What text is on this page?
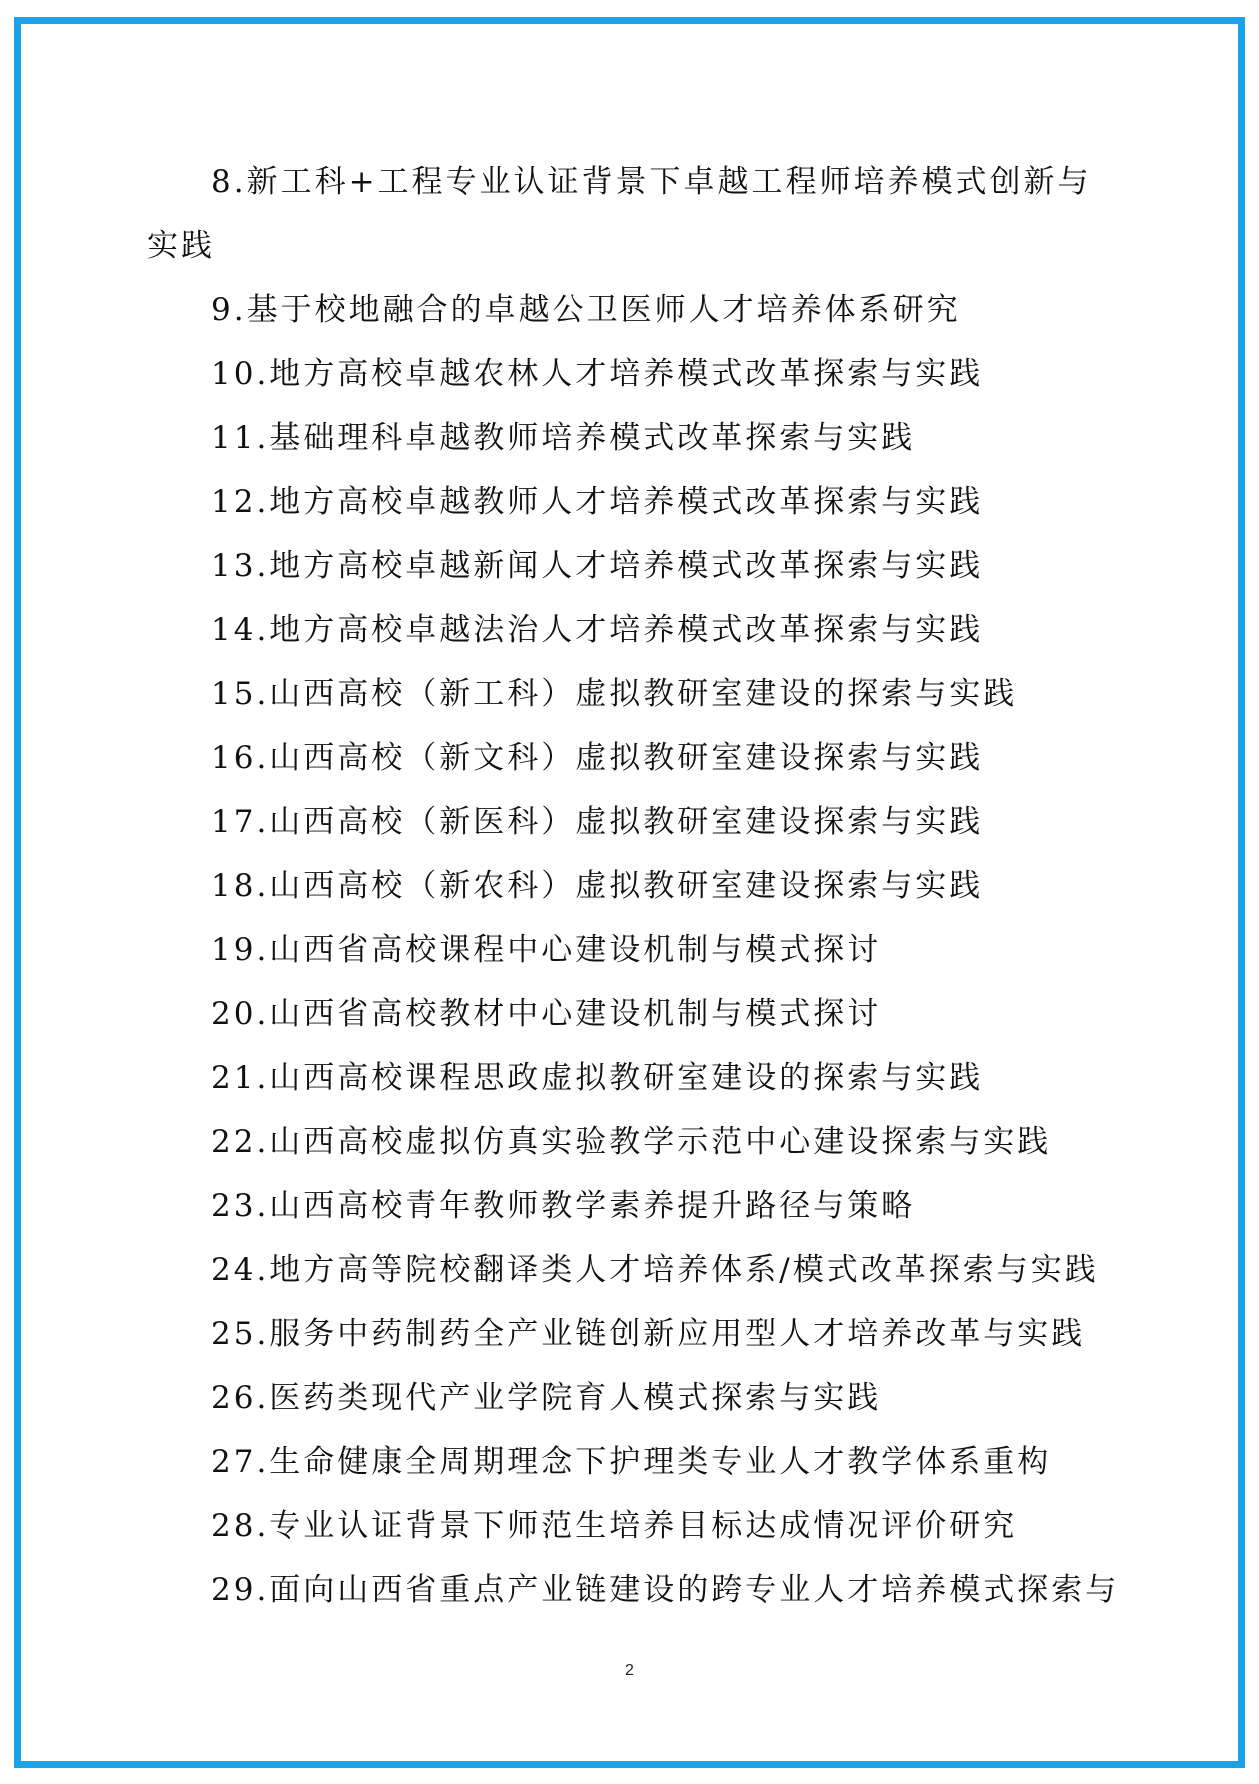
8.新工科+工程专业认证背景下卓越工程师培养模式创新与实践

9.基于校地融合的卓越公卫医师人才培养体系研究

10.地方高校卓越农林人才培养模式改革探索与实践

11.基础理科卓越教师培养模式改革探索与实践

12.地方高校卓越教师人才培养模式改革探索与实践

13.地方高校卓越新闻人才培养模式改革探索与实践

14.地方高校卓越法治人才培养模式改革探索与实践

15.山西高校（新工科）虚拟教研室建设的探索与实践

16.山西高校（新文科）虚拟教研室建设探索与实践

17.山西高校（新医科）虚拟教研室建设探索与实践

18.山西高校（新农科）虚拟教研室建设探索与实践

19.山西省高校课程中心建设机制与模式探讨

20.山西省高校教材中心建设机制与模式探讨

21.山西高校课程思政虚拟教研室建设的探索与实践

22.山西高校虚拟仿真实验教学示范中心建设探索与实践

23.山西高校青年教师教学素养提升路径与策略

24.地方高等院校翻译类人才培养体系/模式改革探索与实践

25.服务中药制药全产业链创新应用型人才培养改革与实践

26.医药类现代产业学院育人模式探索与实践

27.生命健康全周期理念下护理类专业人才教学体系重构

28.专业认证背景下师范生培养目标达成情况评价研究

29.面向山西省重点产业链建设的跨专业人才培养模式探索与

2
